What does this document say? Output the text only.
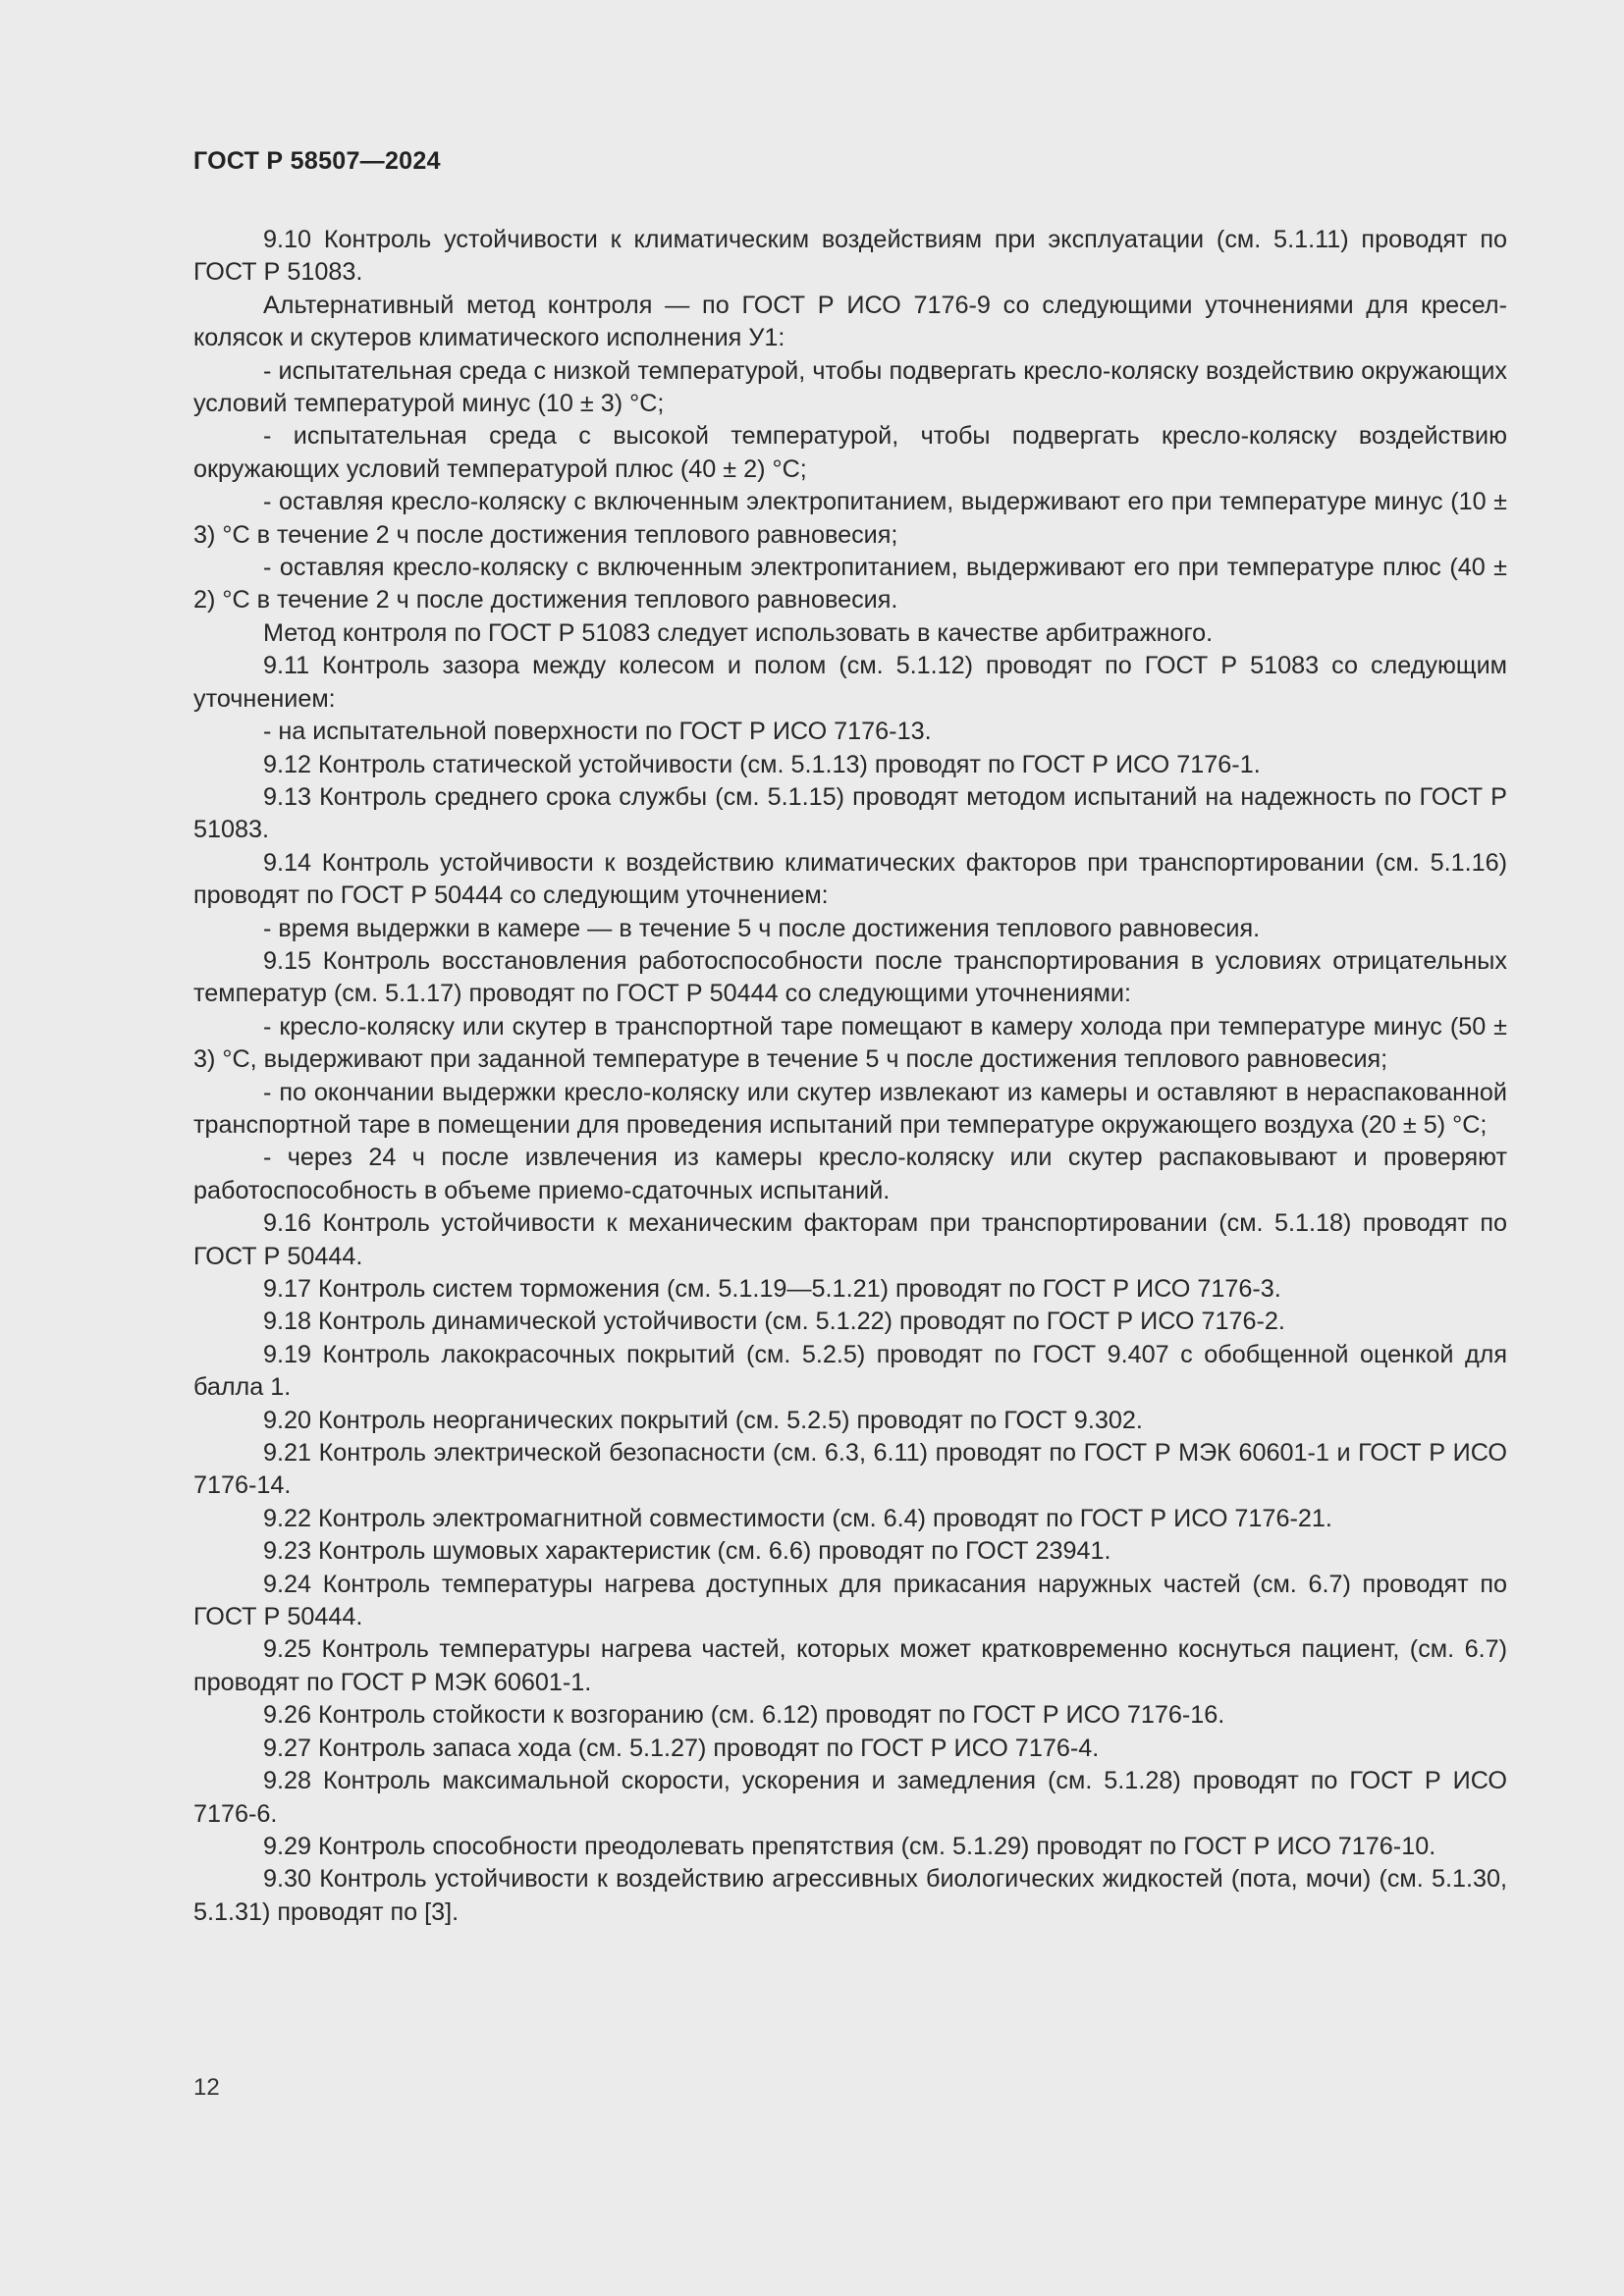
ГОСТ Р 58507—2024

9.10 Контроль устойчивости к климатическим воздействиям при эксплуатации (см. 5.1.11) проводят по ГОСТ Р 51083.

Альтернативный метод контроля — по ГОСТ Р ИСО 7176-9 со следующими уточнениями для кресел-колясок и скутеров климатического исполнения У1:

- испытательная среда с низкой температурой, чтобы подвергать кресло-коляску воздействию окружающих условий температурой минус (10 ± 3) °C;

- испытательная среда с высокой температурой, чтобы подвергать кресло-коляску воздействию окружающих условий температурой плюс (40 ± 2) °C;

- оставляя кресло-коляску с включенным электропитанием, выдерживают его при температуре минус (10 ± 3) °C в течение 2 ч после достижения теплового равновесия;

- оставляя кресло-коляску с включенным электропитанием, выдерживают его при температуре плюс (40 ± 2) °C в течение 2 ч после достижения теплового равновесия.

Метод контроля по ГОСТ Р 51083 следует использовать в качестве арбитражного.

9.11 Контроль зазора между колесом и полом (см. 5.1.12) проводят по ГОСТ Р 51083 со следующим уточнением:

- на испытательной поверхности по ГОСТ Р ИСО 7176-13.

9.12 Контроль статической устойчивости (см. 5.1.13) проводят по ГОСТ Р ИСО 7176-1.

9.13 Контроль среднего срока службы (см. 5.1.15) проводят методом испытаний на надежность по ГОСТ Р 51083.

9.14 Контроль устойчивости к воздействию климатических факторов при транспортировании (см. 5.1.16) проводят по ГОСТ Р 50444 со следующим уточнением:

- время выдержки в камере — в течение 5 ч после достижения теплового равновесия.

9.15 Контроль восстановления работоспособности после транспортирования в условиях отрицательных температур (см. 5.1.17) проводят по ГОСТ Р 50444 со следующими уточнениями:

- кресло-коляску или скутер в транспортной таре помещают в камеру холода при температуре минус (50 ± 3) °C, выдерживают при заданной температуре в течение 5 ч после достижения теплового равновесия;

- по окончании выдержки кресло-коляску или скутер извлекают из камеры и оставляют в нераспакованной транспортной таре в помещении для проведения испытаний при температуре окружающего воздуха (20 ± 5) °C;

- через 24 ч после извлечения из камеры кресло-коляску или скутер распаковывают и проверяют работоспособность в объеме приемо-сдаточных испытаний.

9.16 Контроль устойчивости к механическим факторам при транспортировании (см. 5.1.18) проводят по ГОСТ Р 50444.

9.17 Контроль систем торможения (см. 5.1.19—5.1.21) проводят по ГОСТ Р ИСО 7176-3.

9.18 Контроль динамической устойчивости (см. 5.1.22) проводят по ГОСТ Р ИСО 7176-2.

9.19 Контроль лакокрасочных покрытий (см. 5.2.5) проводят по ГОСТ 9.407 с обобщенной оценкой для балла 1.

9.20 Контроль неорганических покрытий (см. 5.2.5) проводят по ГОСТ 9.302.

9.21 Контроль электрической безопасности (см. 6.3, 6.11) проводят по ГОСТ Р МЭК 60601-1 и ГОСТ Р ИСО 7176-14.

9.22 Контроль электромагнитной совместимости (см. 6.4) проводят по ГОСТ Р ИСО 7176-21.

9.23 Контроль шумовых характеристик (см. 6.6) проводят по ГОСТ 23941.

9.24 Контроль температуры нагрева доступных для прикасания наружных частей (см. 6.7) проводят по ГОСТ Р 50444.

9.25 Контроль температуры нагрева частей, которых может кратковременно коснуться пациент, (см. 6.7) проводят по ГОСТ Р МЭК 60601-1.

9.26 Контроль стойкости к возгоранию (см. 6.12) проводят по ГОСТ Р ИСО 7176-16.

9.27 Контроль запаса хода (см. 5.1.27) проводят по ГОСТ Р ИСО 7176-4.

9.28 Контроль максимальной скорости, ускорения и замедления (см. 5.1.28) проводят по ГОСТ Р ИСО 7176-6.

9.29 Контроль способности преодолевать препятствия (см. 5.1.29) проводят по ГОСТ Р ИСО 7176-10.

9.30 Контроль устойчивости к воздействию агрессивных биологических жидкостей (пота, мочи) (см. 5.1.30, 5.1.31) проводят по [3].

12
